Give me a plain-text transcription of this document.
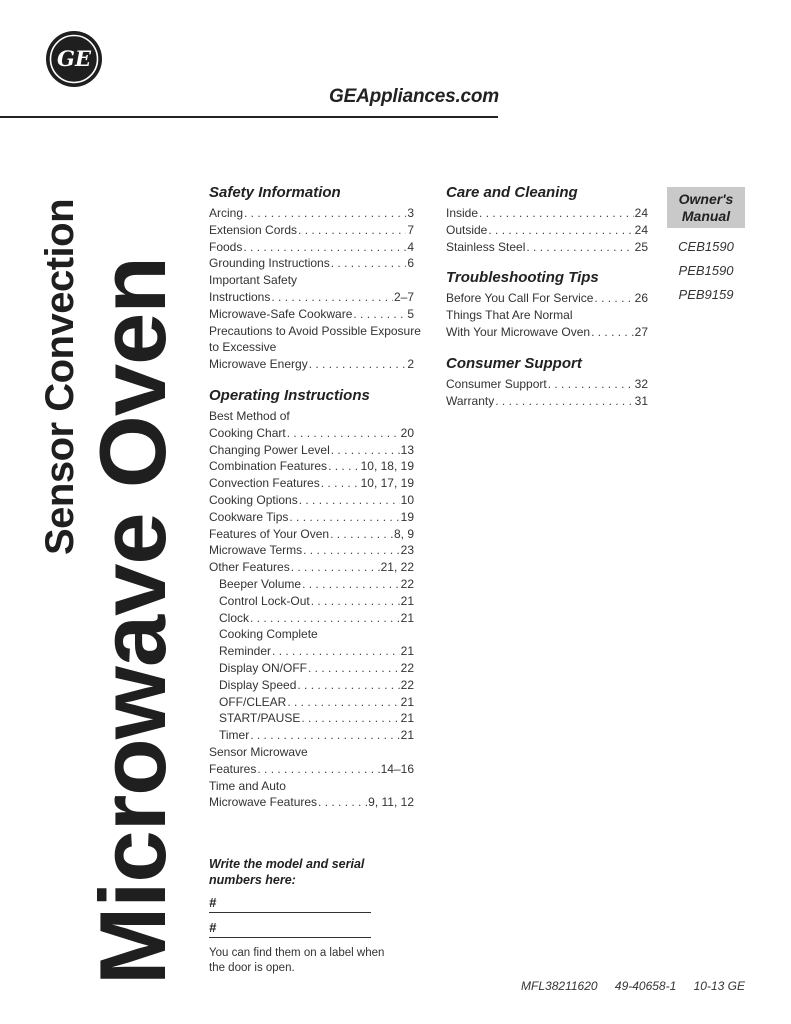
GE
GEAppliances.com
Microwave Oven
Sensor Convection
Safety Information
Arcing . . .	3
Extension Cords . . .	7
Foods . . .	4
Grounding Instructions . . .	6
Important Safety
Instructions . . .	2–7
Microwave-Safe Cookware . . .	5
Precautions to Avoid Possible Exposure
to Excessive
Microwave Energy . . .	2
Operating Instructions
Best Method of
Cooking Chart . . .	20
Changing Power Level . . .	13
Combination Features . . .	10, 18, 19
Convection Features . . .	10, 17, 19
Cooking Options . . .	10
Cookware Tips . . .	19
Features of Your Oven . . .	8, 9
Microwave Terms . . .	23
Other Features . . .	21, 22
Beeper Volume . . .	22
Control Lock-Out . . .	21
Clock . . .	21
Cooking Complete
Reminder . . .	21
Display ON/OFF . . .	22
Display Speed . . .	22
OFF/CLEAR . . .	21
START/PAUSE . . .	21
Timer . . .	21
Sensor Microwave
Features . . .	14–16
Time and Auto
Microwave Features . . .	9, 11, 12
Care and Cleaning
Inside . . .	24
Outside . . .	24
Stainless Steel . . .	25
Troubleshooting Tips
Before You Call For Service . . .	26
Things That Are Normal
With Your Microwave Oven . . .	27
Consumer Support
Consumer Support . . .	32
Warranty . . .	31
Owner's
Manual
CEB1590
PEB1590
PEB9159
Write the model and serial
numbers here:
#
#
You can find them on a label when
the door is open.
MFL38211620 49-40658-1 10-13 GE
